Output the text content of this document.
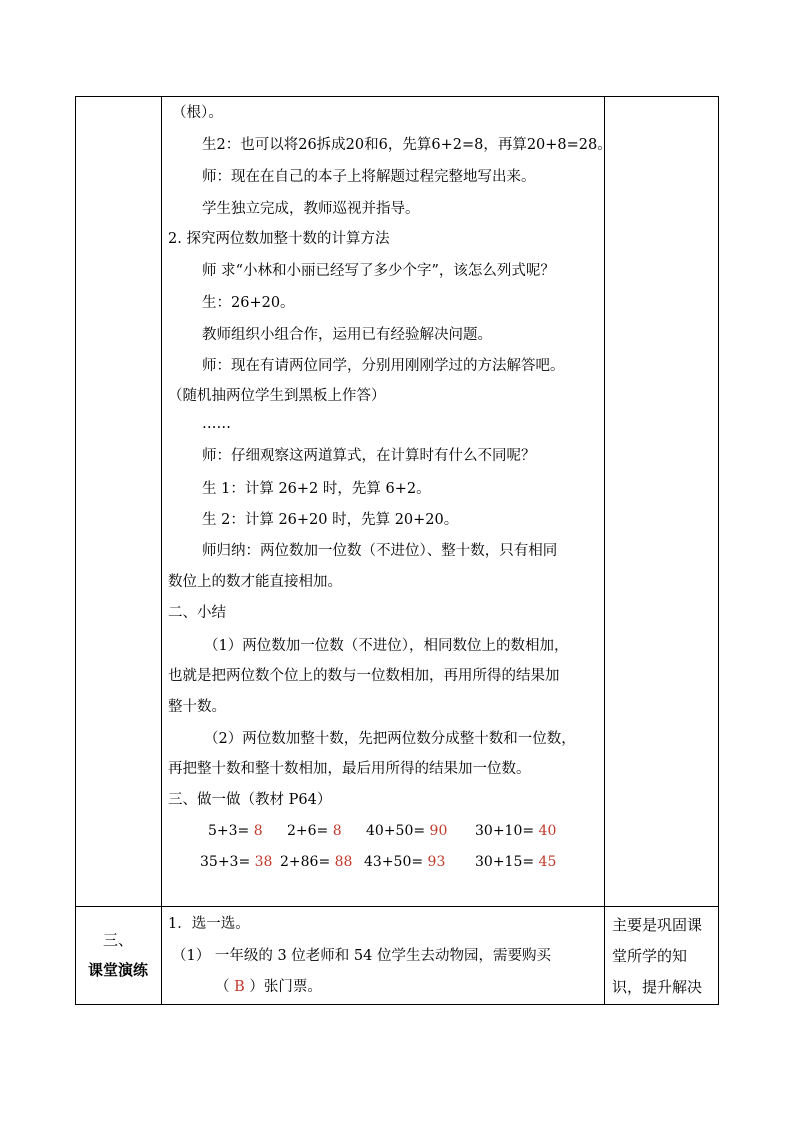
（根）。
生2：也可以将26拆成20和6，先算6+2=8，再算20+8=28。
师：现在在自己的本子上将解题过程完整地写出来。
学生独立完成，教师巡视并指导。
2. 探究两位数加整十数的计算方法
师 求“小林和小丽已经写了多少个字”，该怎么列式呢？
生：26+20。
教师组织小组合作，运用已有经验解决问题。
师：现在有请两位同学，分别用刚刚学过的方法解答吧。
（随机抽两位学生到黑板上作答）
……
师：仔细观察这两道算式，在计算时有什么不同呢？
生 1：计算 26+2 时，先算 6+2。
生 2：计算 26+20 时，先算 20+20。
师归纳：两位数加一位数（不进位）、整十数，只有相同
数位上的数才能直接相加。
二、小结
（1）两位数加一位数（不进位），相同数位上的数相加，
也就是把两位数个位上的数与一位数相加，再用所得的结果加
整十数。
（2）两位数加整十数，先把两位数分成整十数和一位数，
再把整十数和整十数相加，最后用所得的结果加一位数。
三、做一做（教材 P64）
5+3= 8 2+6= 8 40+50= 90 30+10= 40
35+3= 38 2+86= 88 43+50= 93 30+15= 45
三、
课堂演练
1．选一选。
（1） 一年级的 3 位老师和 54 位学生去动物园，需要购买
（ B ）张门票。
主要是巩固课
堂所学的知
识，提升解决
